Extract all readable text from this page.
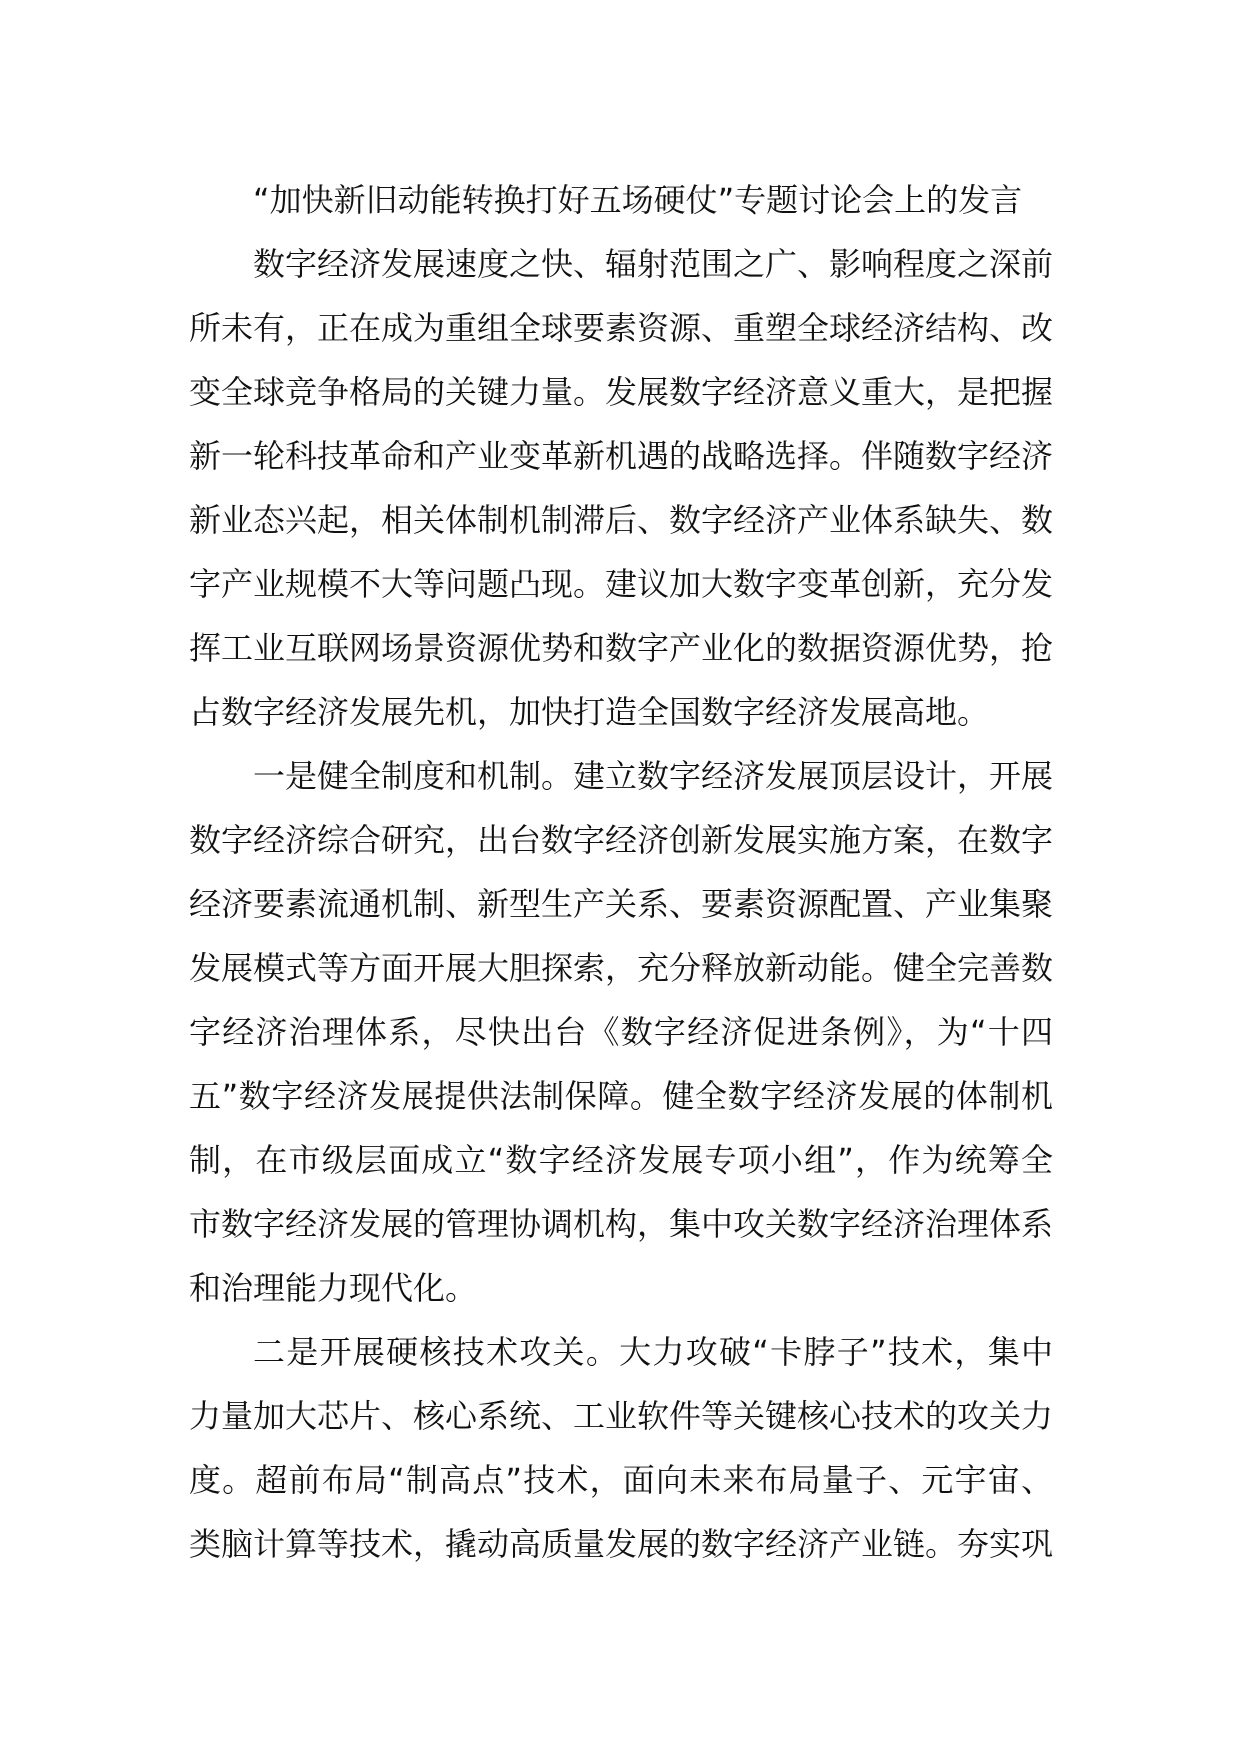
“加快新旧动能转换打好五场硬仗”专题讨论会上的发言

数字经济发展速度之快、辐射范围之广、影响程度之深前所未有，正在成为重组全球要素资源、重塑全球经济结构、改变全球竞争格局的关键力量。发展数字经济意义重大，是把握新一轮科技革命和产业变革新机遇的战略选择。伴随数字经济新业态兴起，相关体制机制滞后、数字经济产业体系缺失、数字产业规模不大等问题凸现。建议加大数字变革创新，充分发挥工业互联网场景资源优势和数字产业化的数据资源优势，抢占数字经济发展先机，加快打造全国数字经济发展高地。

一是健全制度和机制。建立数字经济发展顶层设计，开展数字经济综合研究，出台数字经济创新发展实施方案，在数字经济要素流通机制、新型生产关系、要素资源配置、产业集聚发展模式等方面开展大胆探索，充分释放新动能。健全完善数字经济治理体系，尽快出台《数字经济促进条例》，为“十四五”数字经济发展提供法制保障。健全数字经济发展的体制机制，在市级层面成立“数字经济发展专项小组”，作为统筹全市数字经济发展的管理协调机构，集中攻关数字经济治理体系和治理能力现代化。

二是开展硬核技术攻关。大力攻破“卡脖子”技术，集中力量加大芯片、核心系统、工业软件等关键核心技术的攻关力度。超前布局“制高点”技术，面向未来布局量子、元宇宙、类脑计算等技术，撬动高质量发展的数字经济产业链。夯实巩
